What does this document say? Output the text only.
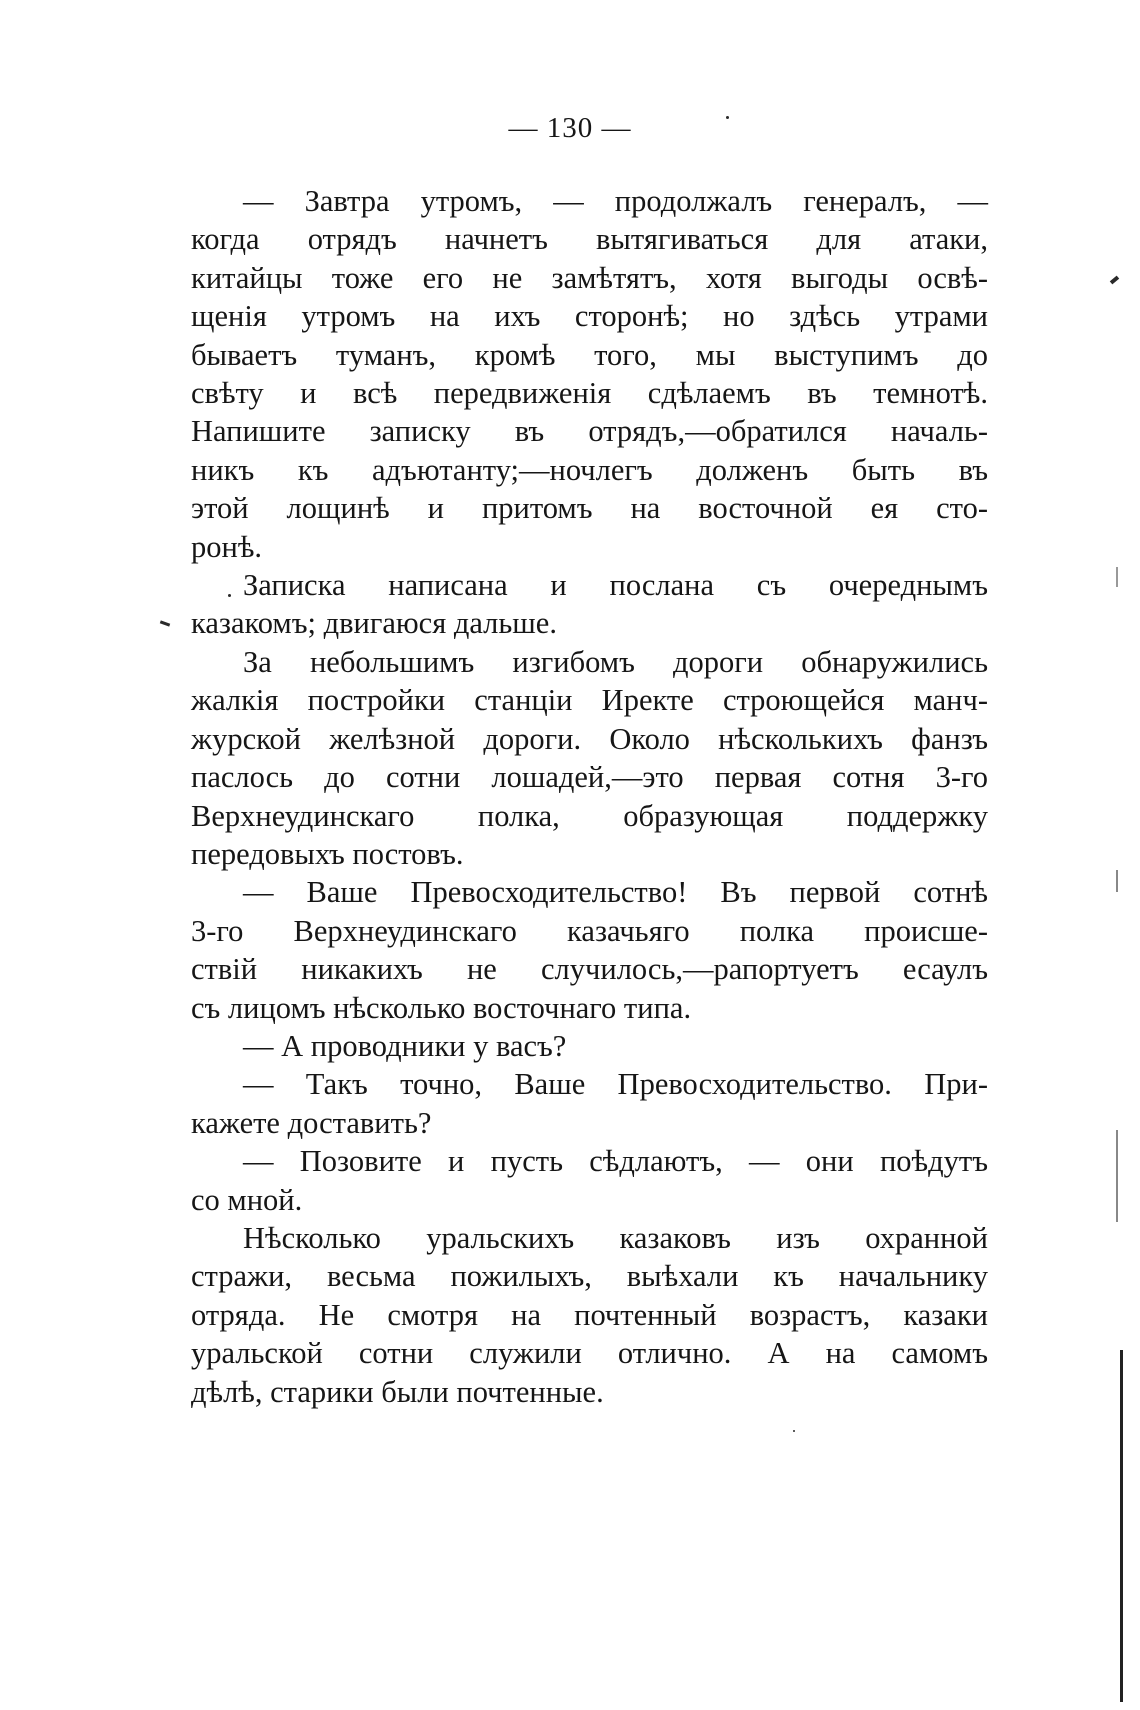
— 130 —

— Завтра утромъ, — продолжалъ генералъ, —
когда отрядъ начнетъ вытягиваться для атаки,
китайцы тоже его не замѣтятъ, хотя выгоды освѣ-
щенія утромъ на ихъ сторонѣ; но здѣсь утрами
бываетъ туманъ, кромѣ того, мы выступимъ до
свѣту и всѣ передвиженія сдѣлаемъ въ темнотѣ.
Напишите записку въ отрядъ,—обратился началь-
никъ къ адъютанту;—ночлегъ долженъ быть въ
этой лощинѣ и притомъ на восточной ея сто-
ронѣ.

Записка написана и послана съ очереднымъ
казакомъ; двигаюся дальше.

За небольшимъ изгибомъ дороги обнаружились
жалкія постройки станціи Иректе строющейся манч-
журской желѣзной дороги. Около нѣсколькихъ фанзъ
паслось до сотни лошадей,—это первая сотня 3-го
Верхнеудинскаго полка, образующая поддержку
передовыхъ постовъ.

— Ваше Превосходительство! Въ первой сотнѣ
3-го Верхнеудинскаго казачьяго полка происше-
ствій никакихъ не случилось,—рапортуетъ есаулъ
съ лицомъ нѣсколько восточнаго типа.

— А проводники у васъ?

— Такъ точно, Ваше Превосходительство. При-
кажете доставить?

— Позовите и пусть сѣдлаютъ, — они поѣдутъ
со мной.

Нѣсколько уральскихъ казаковъ изъ охранной
стражи, весьма пожилыхъ, выѣхали къ начальнику
отряда. Не смотря на почтенный возрастъ, казаки
уральской сотни служили отлично. А на самомъ
дѣлѣ, старики были почтенные.
